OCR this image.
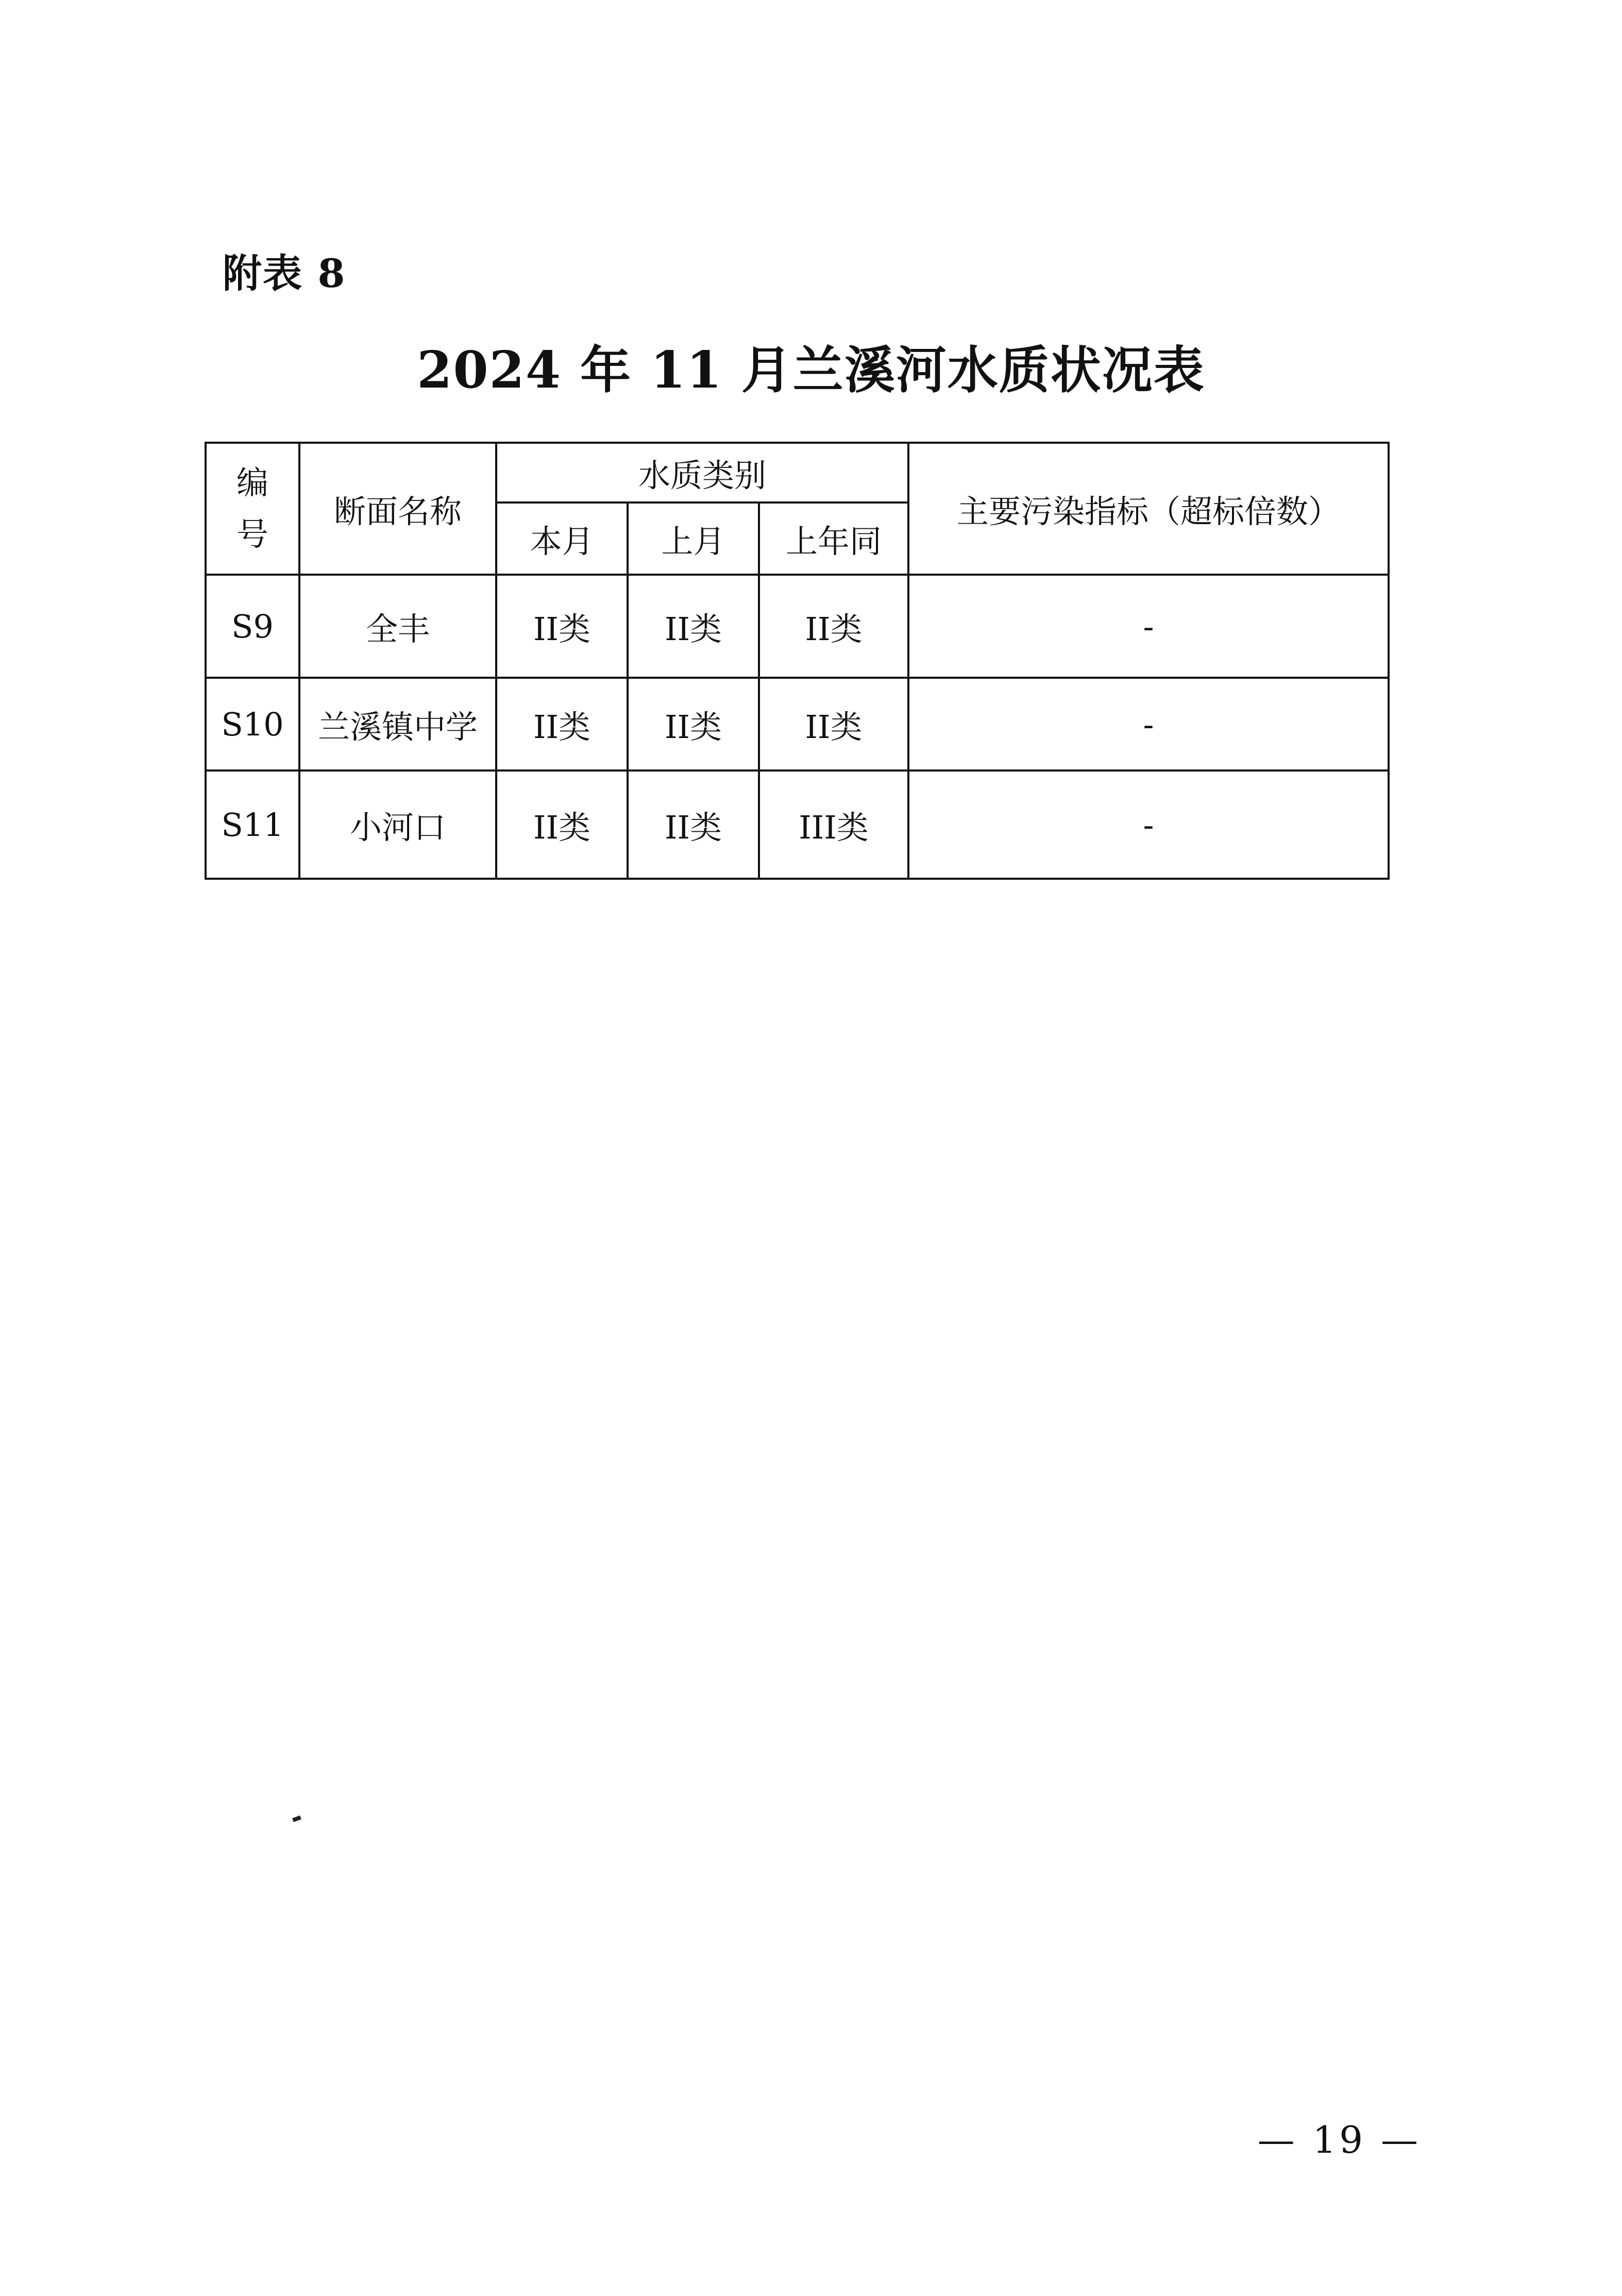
附表 8
2024 年 11 月兰溪河水质状况表
编
号	断面名称	水质类别			主要污染指标（超标倍数）
		本月	上月	上年同	
S9	全丰	II类	II类	II类	-
S10	兰溪镇中学	II类	II类	II类	-
S11	小河口	II类	II类	III类	-
— 19 —
